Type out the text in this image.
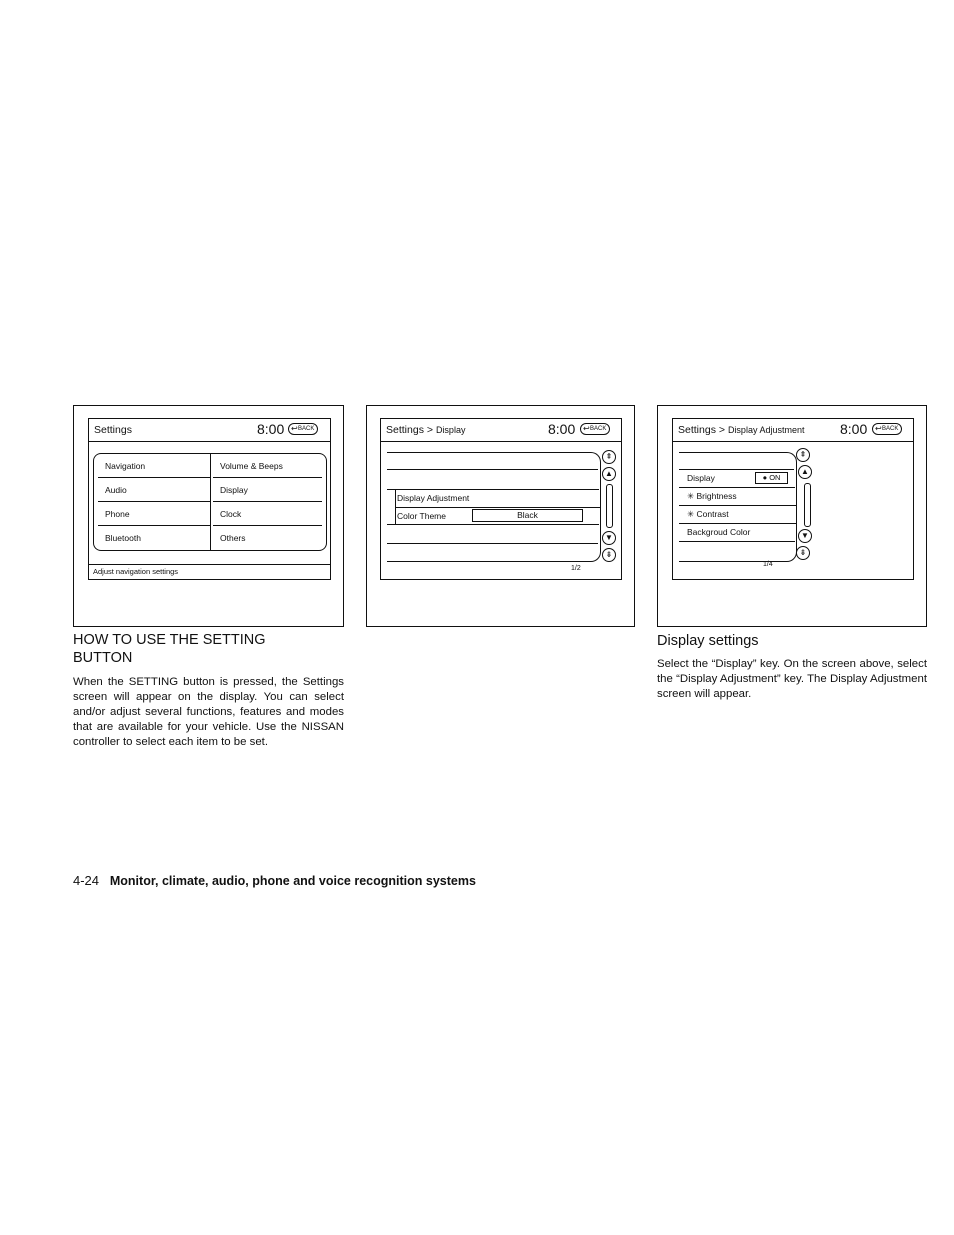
Settings	8:00 ↩ BACK
Navigation
Audio
Phone
Bluetooth
Volume & Beeps
Display
Clock
Others
Adjust navigation settings
Settings > Display	8:00 ↩ BACK
Display Adjustment
Color Theme	Black
1/2
⇞
▲
▼
⇟
Settings > Display Adjustment	8:00 ↩ BACK
Display	● ON
✳ Brightness
✳ Contrast
Backgroud Color
1/4
⇞
▲
▼
⇟
HOW TO USE THE SETTING BUTTON

When the SETTING button is pressed, the Settings screen will appear on the display. You can select and/or adjust several functions, features and modes that are available for your vehicle. Use the NISSAN controller to select each item to be set.

Display settings

Select the “Display” key. On the screen above, select the “Display Adjustment” key. The Display Adjustment screen will appear.

4-24 Monitor, climate, audio, phone and voice recognition systems
